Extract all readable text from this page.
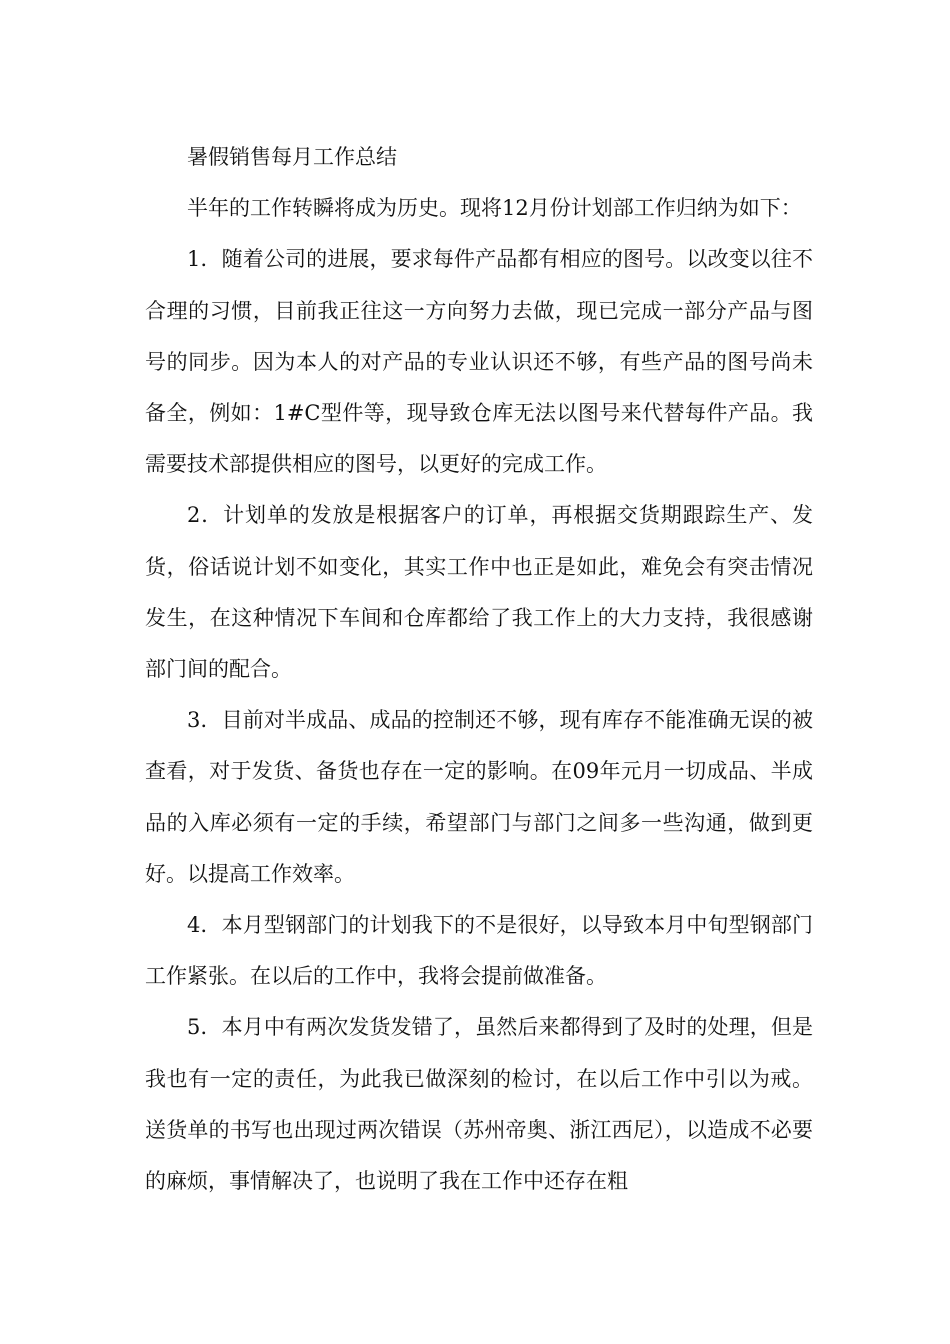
暑假销售每月工作总结

半年的工作转瞬将成为历史。现将12月份计划部工作归纳为如下：

1．随着公司的进展，要求每件产品都有相应的图号。以改变以往不合理的习惯，目前我正往这一方向努力去做，现已完成一部分产品与图号的同步。因为本人的对产品的专业认识还不够，有些产品的图号尚未备全，例如：1#C型件等，现导致仓库无法以图号来代替每件产品。我需要技术部提供相应的图号，以更好的完成工作。

2．计划单的发放是根据客户的订单，再根据交货期跟踪生产、发货，俗话说计划不如变化，其实工作中也正是如此，难免会有突击情况发生，在这种情况下车间和仓库都给了我工作上的大力支持，我很感谢部门间的配合。

3．目前对半成品、成品的控制还不够，现有库存不能准确无误的被查看，对于发货、备货也存在一定的影响。在09年元月一切成品、半成品的入库必须有一定的手续，希望部门与部门之间多一些沟通，做到更好。以提高工作效率。

4．本月型钢部门的计划我下的不是很好，以导致本月中旬型钢部门工作紧张。在以后的工作中，我将会提前做准备。

5．本月中有两次发货发错了，虽然后来都得到了及时的处理，但是我也有一定的责任，为此我已做深刻的检讨，在以后工作中引以为戒。送货单的书写也出现过两次错误（苏州帝奥、浙江西尼），以造成不必要的麻烦，事情解决了，也说明了我在工作中还存在粗
